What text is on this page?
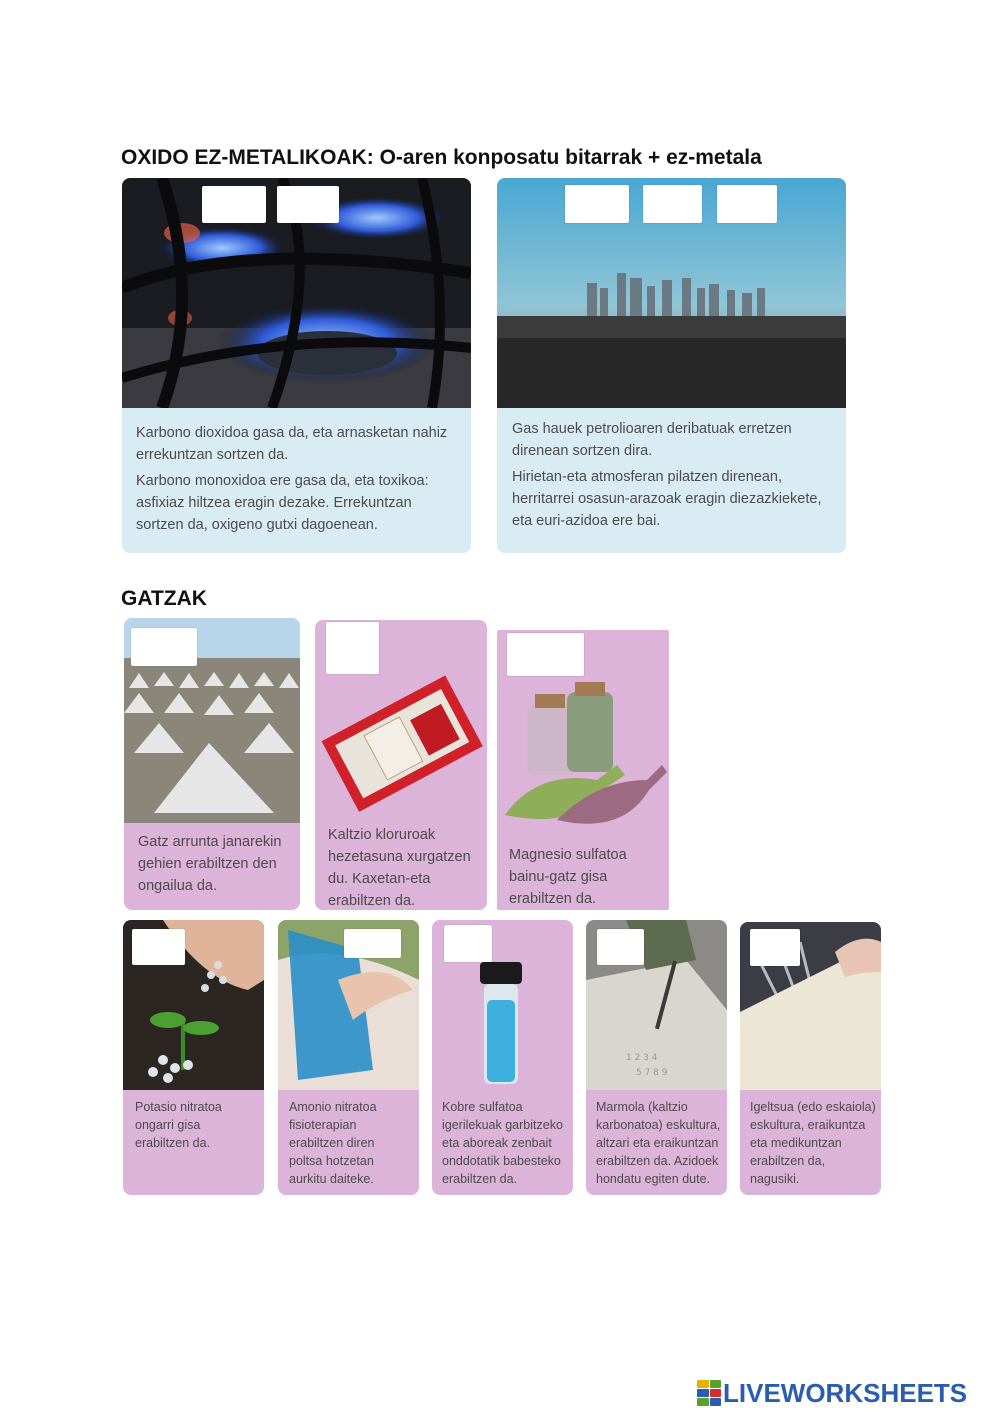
OXIDO EZ-METALIKOAK: O-aren konposatu bitarrak + ez-metala

Karbono dioxidoa gasa da, eta arnasketan nahiz errekuntzan sortzen da.

Karbono monoxidoa ere gasa da, eta toxikoa: asfixiaz hiltzea eragin dezake. Errekuntzan sortzen da, oxigeno gutxi dagoenean.

Gas hauek petrolioaren deribatuak erretzen direnean sortzen dira.

Hirietan-eta atmosferan pilatzen direnean, herritarrei osasun-arazoak eragin diezazkiekete, eta euri-azidoa ere bai.

GATZAK

Gatz arrunta janarekin gehien erabiltzen den ongailua da.

Kaltzio kloruroak hezetasuna xurgatzen du. Kaxetan-eta erabiltzen da.

Magnesio sulfatoa bainu-gatz gisa erabiltzen da.

Potasio nitratoa ongarri gisa erabiltzen da.

Amonio nitratoa fisioterapian erabiltzen diren poltsa hotzetan aurkitu daiteke.

Kobre sulfatoa igerilekuak garbitzeko eta aboreak zenbait onddotatik babesteko erabiltzen da.

1 2 3 4
5 7 8 9

Marmola (kaltzio karbonatoa) eskultura, altzari eta eraikuntzan erabiltzen da. Azidoek hondatu egiten dute.

Igeltsua (edo eskaiola) eskultura, eraikuntza eta medikuntzan erabiltzen da, nagusiki.

LIVEWORKSHEETS
